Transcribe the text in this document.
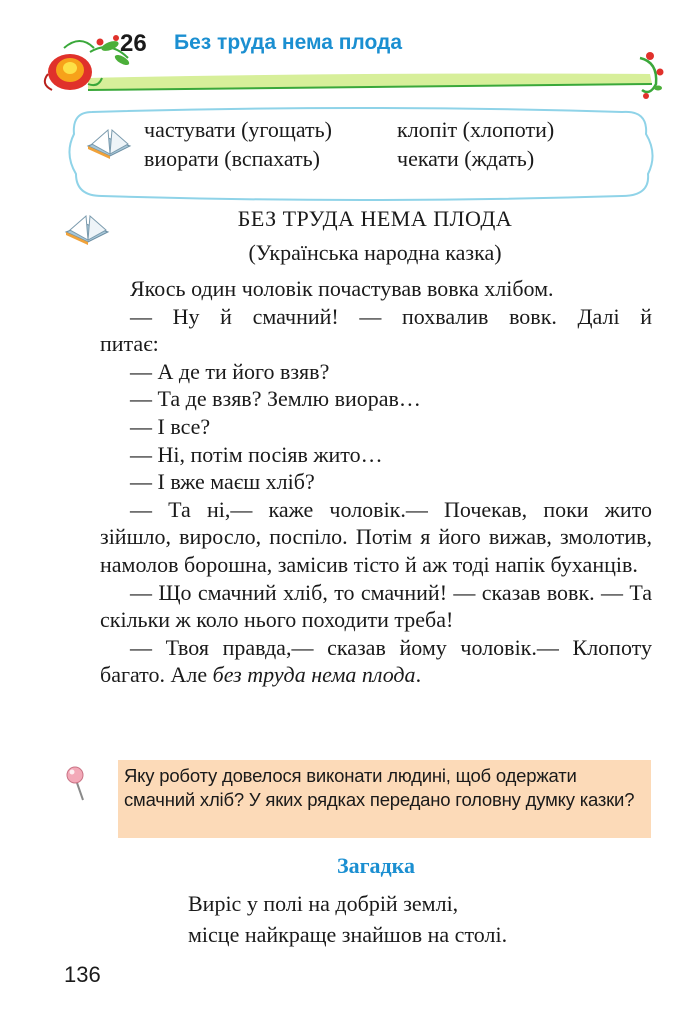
26 Без труда нема плода
частувати (угощать)	клопіт (хлопоти)
виорати (вспахать)	чекати (ждать)
БЕЗ ТРУДА НЕМА ПЛОДА
(Українська народна казка)

Якось один чоловік почастував вовка хлібом.

— Ну й смачний! — похвалив вовк. Далі й

питає:

— А де ти його взяв?

— Та де взяв? Землю виорав…

— І все?

— Ні, потім посіяв жито…

— І вже маєш хліб?

— Та ні,— каже чоловік.— Почекав, поки жито зійшло, виросло, поспіло. Потім я його вижав, змолотив, намолов борошна, замісив тісто й аж тоді напік буханців.

— Що смачний хліб, то смачний! — сказав вовк. — Та скільки ж коло нього походити треба!

— Твоя правда,— сказав йому чоловік.— Клопоту багато. Але без труда нема плода.

Яку роботу довелося виконати людині, щоб одержати смачний хліб? У яких рядках передано головну думку казки?
Загадка
Виріс у полі на добрій землі,
місце найкраще знайшов на столі.
136
